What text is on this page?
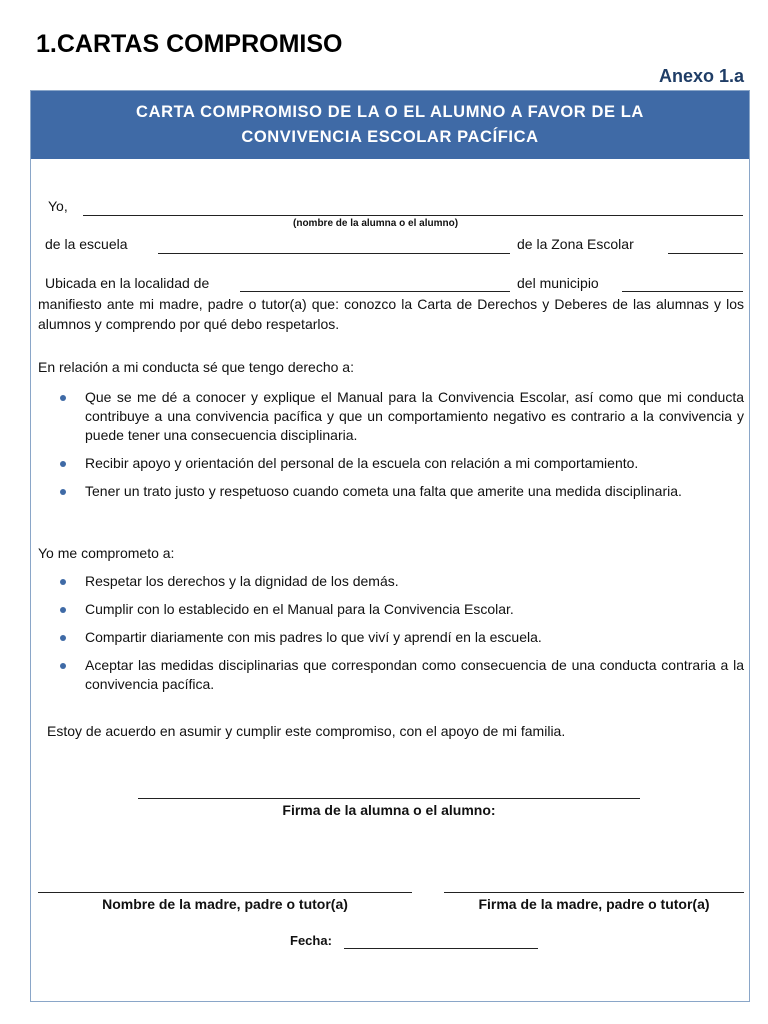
1.CARTAS COMPROMISO
Anexo 1.a
CARTA COMPROMISO DE LA O EL ALUMNO A FAVOR DE LA
CONVIVENCIA ESCOLAR PACÍFICA
Yo,
(nombre de la alumna o el alumno)
de la escuela	de la Zona Escolar
Ubicada en la localidad de	del municipio
manifiesto ante mi madre, padre o tutor(a) que: conozco la Carta de Derechos y Deberes de las alumnas y los alumnos y comprendo por qué debo respetarlos.
En relación a mi conducta sé que tengo derecho a:
Que se me dé a conocer y explique el Manual para la Convivencia Escolar, así como que mi conducta contribuye a una convivencia pacífica y que un comportamiento negativo es contrario a la convivencia y puede tener una consecuencia disciplinaria.
Recibir apoyo y orientación del personal de la escuela con relación a mi comportamiento.
Tener un trato justo y respetuoso cuando cometa una falta que amerite una medida disciplinaria.
Yo me comprometo a:
Respetar los derechos y la dignidad de los demás.
Cumplir con lo establecido en el Manual para la Convivencia Escolar.
Compartir diariamente con mis padres lo que viví y aprendí en la escuela.
Aceptar las medidas disciplinarias que correspondan como consecuencia de una conducta contraria a la convivencia pacífica.
Estoy de acuerdo en asumir y cumplir este compromiso, con el apoyo de mi familia.
Firma de la alumna o el alumno:
Nombre de la madre, padre o tutor(a)	Firma de la madre, padre o tutor(a)
Fecha:
